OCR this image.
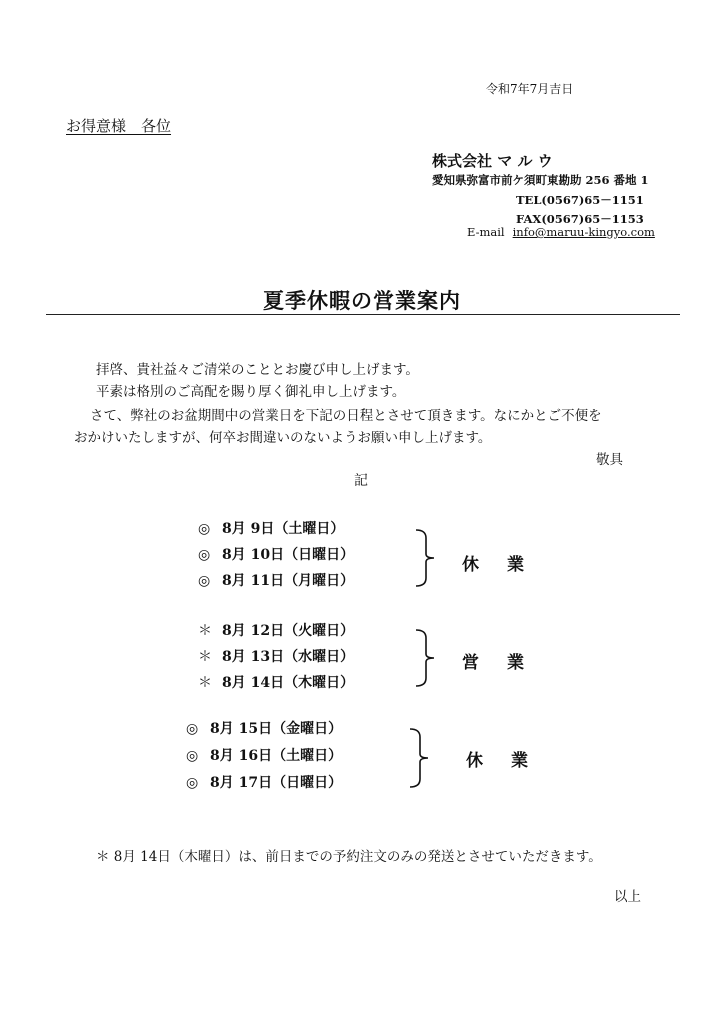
令和7年7月吉日
お得意様　各位
株式会社 マ ル ウ
愛知県弥富市前ケ須町東勘助 256 番地 1
TEL(0567)65－1151
FAX(0567)65－1153
E-mail info@maruu-kingyo.com
夏季休暇の営業案内
拝啓、貴社益々ご清栄のこととお慶び申し上げます。
平素は格別のご高配を賜り厚く御礼申し上げます。
さて、弊社のお盆期間中の営業日を下記の日程とさせて頂きます。なにかとご不便を
おかけいたしますが、何卒お間違いのないようお願い申し上げます。
敬具
記
◎ 8月 9日（土曜日）
◎ 8月 10日（日曜日）
◎ 8月 11日（月曜日）
休業
＊ 8月 12日（火曜日）
＊ 8月 13日（水曜日）
＊ 8月 14日（木曜日）
営業
◎ 8月 15日（金曜日）
◎ 8月 16日（土曜日）
◎ 8月 17日（日曜日）
休業
＊ 8月 14日（木曜日）は、前日までの予約注文のみの発送とさせていただきます。
以上
